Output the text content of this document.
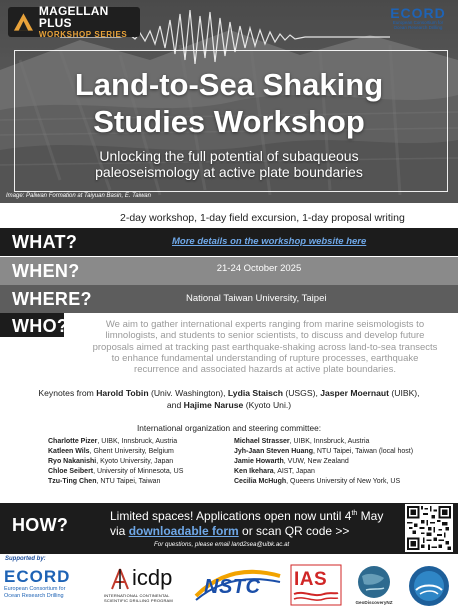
MAGELLAN PLUS
WORKSHOP SERIES
ECORD
European Consortium for Ocean Research Drilling
Land-to-Sea Shaking
Studies Workshop
Unlocking the full potential of subaqueous
paleoseismology at active plate boundaries
Image: Paliwan Formation at Taiyuan Basin, E. Taiwan
2-day workshop, 1-day field excursion, 1-day proposal writing
WHAT?	More details on the workshop website here
WHEN?	21-24 October 2025
WHERE?	National Taiwan University, Taipei
WHO?	We aim to gather international experts ranging from marine seismologists to limnologists, and students to senior scientists, to discuss and develop future proposals aimed at tracking past earthquake-shaking across land-to-sea transects to enhance fundamental understanding of rupture processes, earthquake recurrence and associated hazards at active plate boundaries.
Keynotes from Harold Tobin (Univ. Washington), Lydia Staisch (USGS), Jasper Moernaut (UIBK),
and Hajime Naruse (Kyoto Uni.)
International organization and steering committee:
Charlotte Pizer, UIBK, Innsbruck, Austria
Katleen Wils, Ghent University, Belgium
Ryo Nakanishi, Kyoto University, Japan
Chloe Seibert, University of Minnesota, US
Tzu-Ting Chen, NTU Taipei, Taiwan
Michael Strasser, UIBK, Innsbruck, Austria
Jyh-Jaan Steven Huang, NTU Taipei, Taiwan (local host)
Jamie Howarth, VUW, New Zealand
Ken Ikehara, AIST, Japan
Cecilia McHugh, Queens University of New York, US
HOW?	Limited spaces! Applications open now until 4th May
via downloadable form or scan QR code >>
For questions, please email land2sea@uibk.ac.at
Supported by:
ECORD
European Consortium for
Ocean Research Drilling
icdp
INTERNATIONAL CONTINENTAL
SCIENTIFIC DRILLING PROGRAM
NSTC IAS
GeoDiscoveryNZ
